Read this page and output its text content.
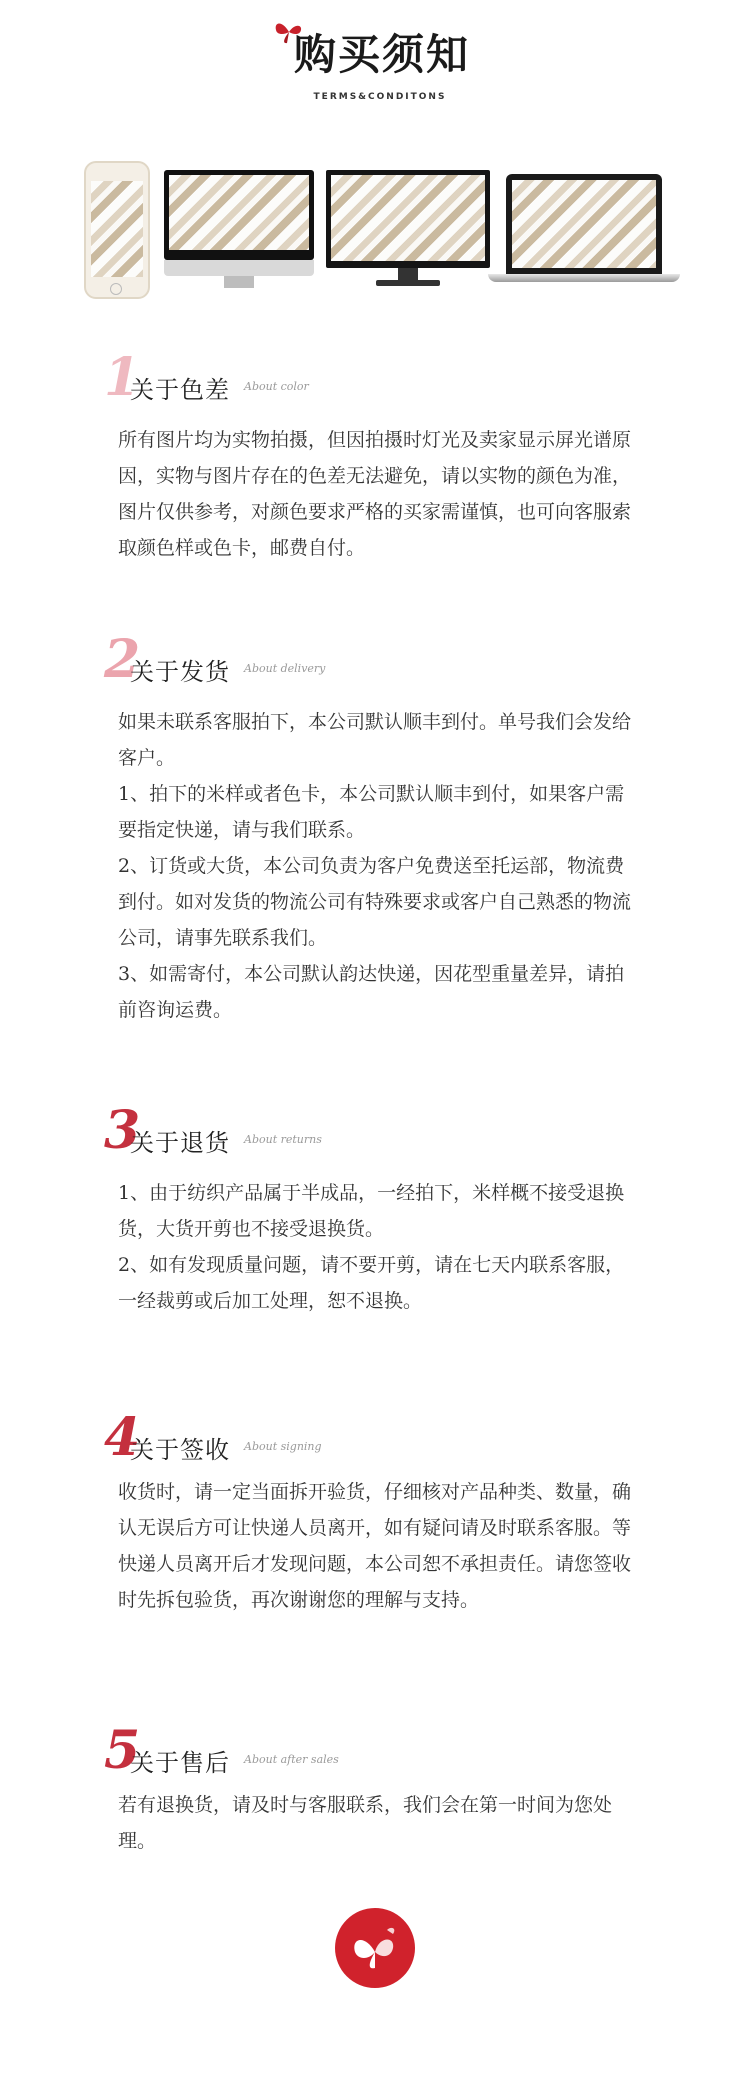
购买须知
TERMS&CONDITONS
1
关于色差 About color

所有图片均为实物拍摄，但因拍摄时灯光及卖家显示屏光谱原因，实物与图片存在的色差无法避免，请以实物的颜色为准，图片仅供参考，对颜色要求严格的买家需谨慎，也可向客服索取颜色样或色卡，邮费自付。

2
关于发货 About delivery

如果未联系客服拍下，本公司默认顺丰到付。单号我们会发给客户。

1、拍下的米样或者色卡，本公司默认顺丰到付，如果客户需要指定快递，请与我们联系。

2、订货或大货，本公司负责为客户免费送至托运部，物流费到付。如对发货的物流公司有特殊要求或客户自己熟悉的物流公司，请事先联系我们。

3、如需寄付，本公司默认韵达快递，因花型重量差异，请拍前咨询运费。

3
关于退货 About returns

1、由于纺织产品属于半成品，一经拍下，米样概不接受退换货，大货开剪也不接受退换货。

2、如有发现质量问题，请不要开剪，请在七天内联系客服，一经裁剪或后加工处理，恕不退换。

4
关于签收 About signing

收货时，请一定当面拆开验货，仔细核对产品种类、数量，确认无误后方可让快递人员离开，如有疑问请及时联系客服。等快递人员离开后才发现问题，本公司恕不承担责任。请您签收时先拆包验货，再次谢谢您的理解与支持。

5
关于售后 About after sales

若有退换货，请及时与客服联系，我们会在第一时间为您处理。
